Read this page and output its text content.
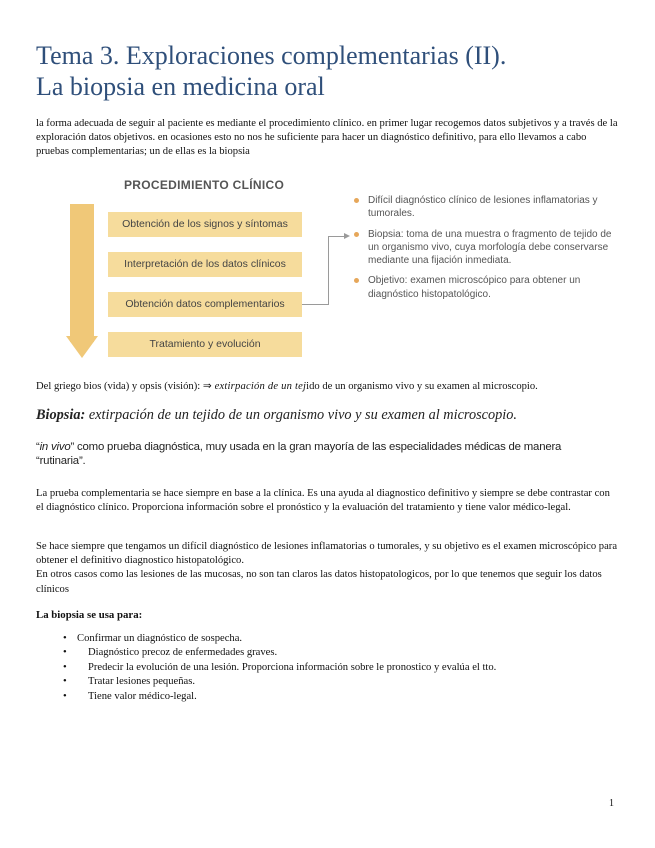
Tema 3. Exploraciones complementarias (II).
La biopsia en medicina oral

la forma adecuada de seguir al paciente es mediante el procedimiento clínico. en primer lugar recogemos datos subjetivos y a través de la exploración datos objetivos. en ocasiones esto no nos he suficiente para hacer un diagnóstico definitivo, para ello llevamos a cabo pruebas complementarias; un de ellas es la biopsia

PROCEDIMIENTO CLÍNICO
Obtención de los signos y síntomas
Interpretación de los datos clínicos
Obtención datos complementarios
Tratamiento y evolución
Difícil diagnóstico clínico de lesiones inflamatorias y tumorales.
Biopsia: toma de una muestra o fragmento de tejido de un organismo vivo, cuya morfología debe conservarse mediante una fijación inmediata.
Objetivo: examen microscópico para obtener un diagnóstico histopatológico.

Del griego bios (vida) y opsis (visión): ⇒ extirpación de un tejido de un organismo vivo y su examen al microscopio.

Biopsia: extirpación de un tejido de un organismo vivo y su examen al microscopio.

“in vivo” como prueba diagnóstica, muy usada en la gran mayoría de las especialidades médicas de manera “rutinaria”.

La prueba complementaria se hace siempre en base a la clínica. Es una ayuda al diagnostico definitivo y siempre se debe contrastar con el diagnóstico clínico. Proporciona información sobre el pronóstico y la evaluación del tratamiento y tiene valor médico-legal.

Se hace siempre que tengamos un difícil diagnóstico de lesiones inflamatorias o tumorales, y su objetivo es el examen microscópico para obtener el definitivo diagnostico histopatológico.
En otros casos como las lesiones de las mucosas, no son tan claros las datos histopatologicos, por lo que tenemos que seguir los datos clínicos

La biopsia se usa para:

• Confirmar un diagnóstico de sospecha.
•	Diagnóstico precoz de enfermedades graves.
•	Predecir la evolución de una lesión. Proporciona información sobre le pronostico y evalúa el tto.
•	Tratar lesiones pequeñas.
•	Tiene valor médico-legal.
1
